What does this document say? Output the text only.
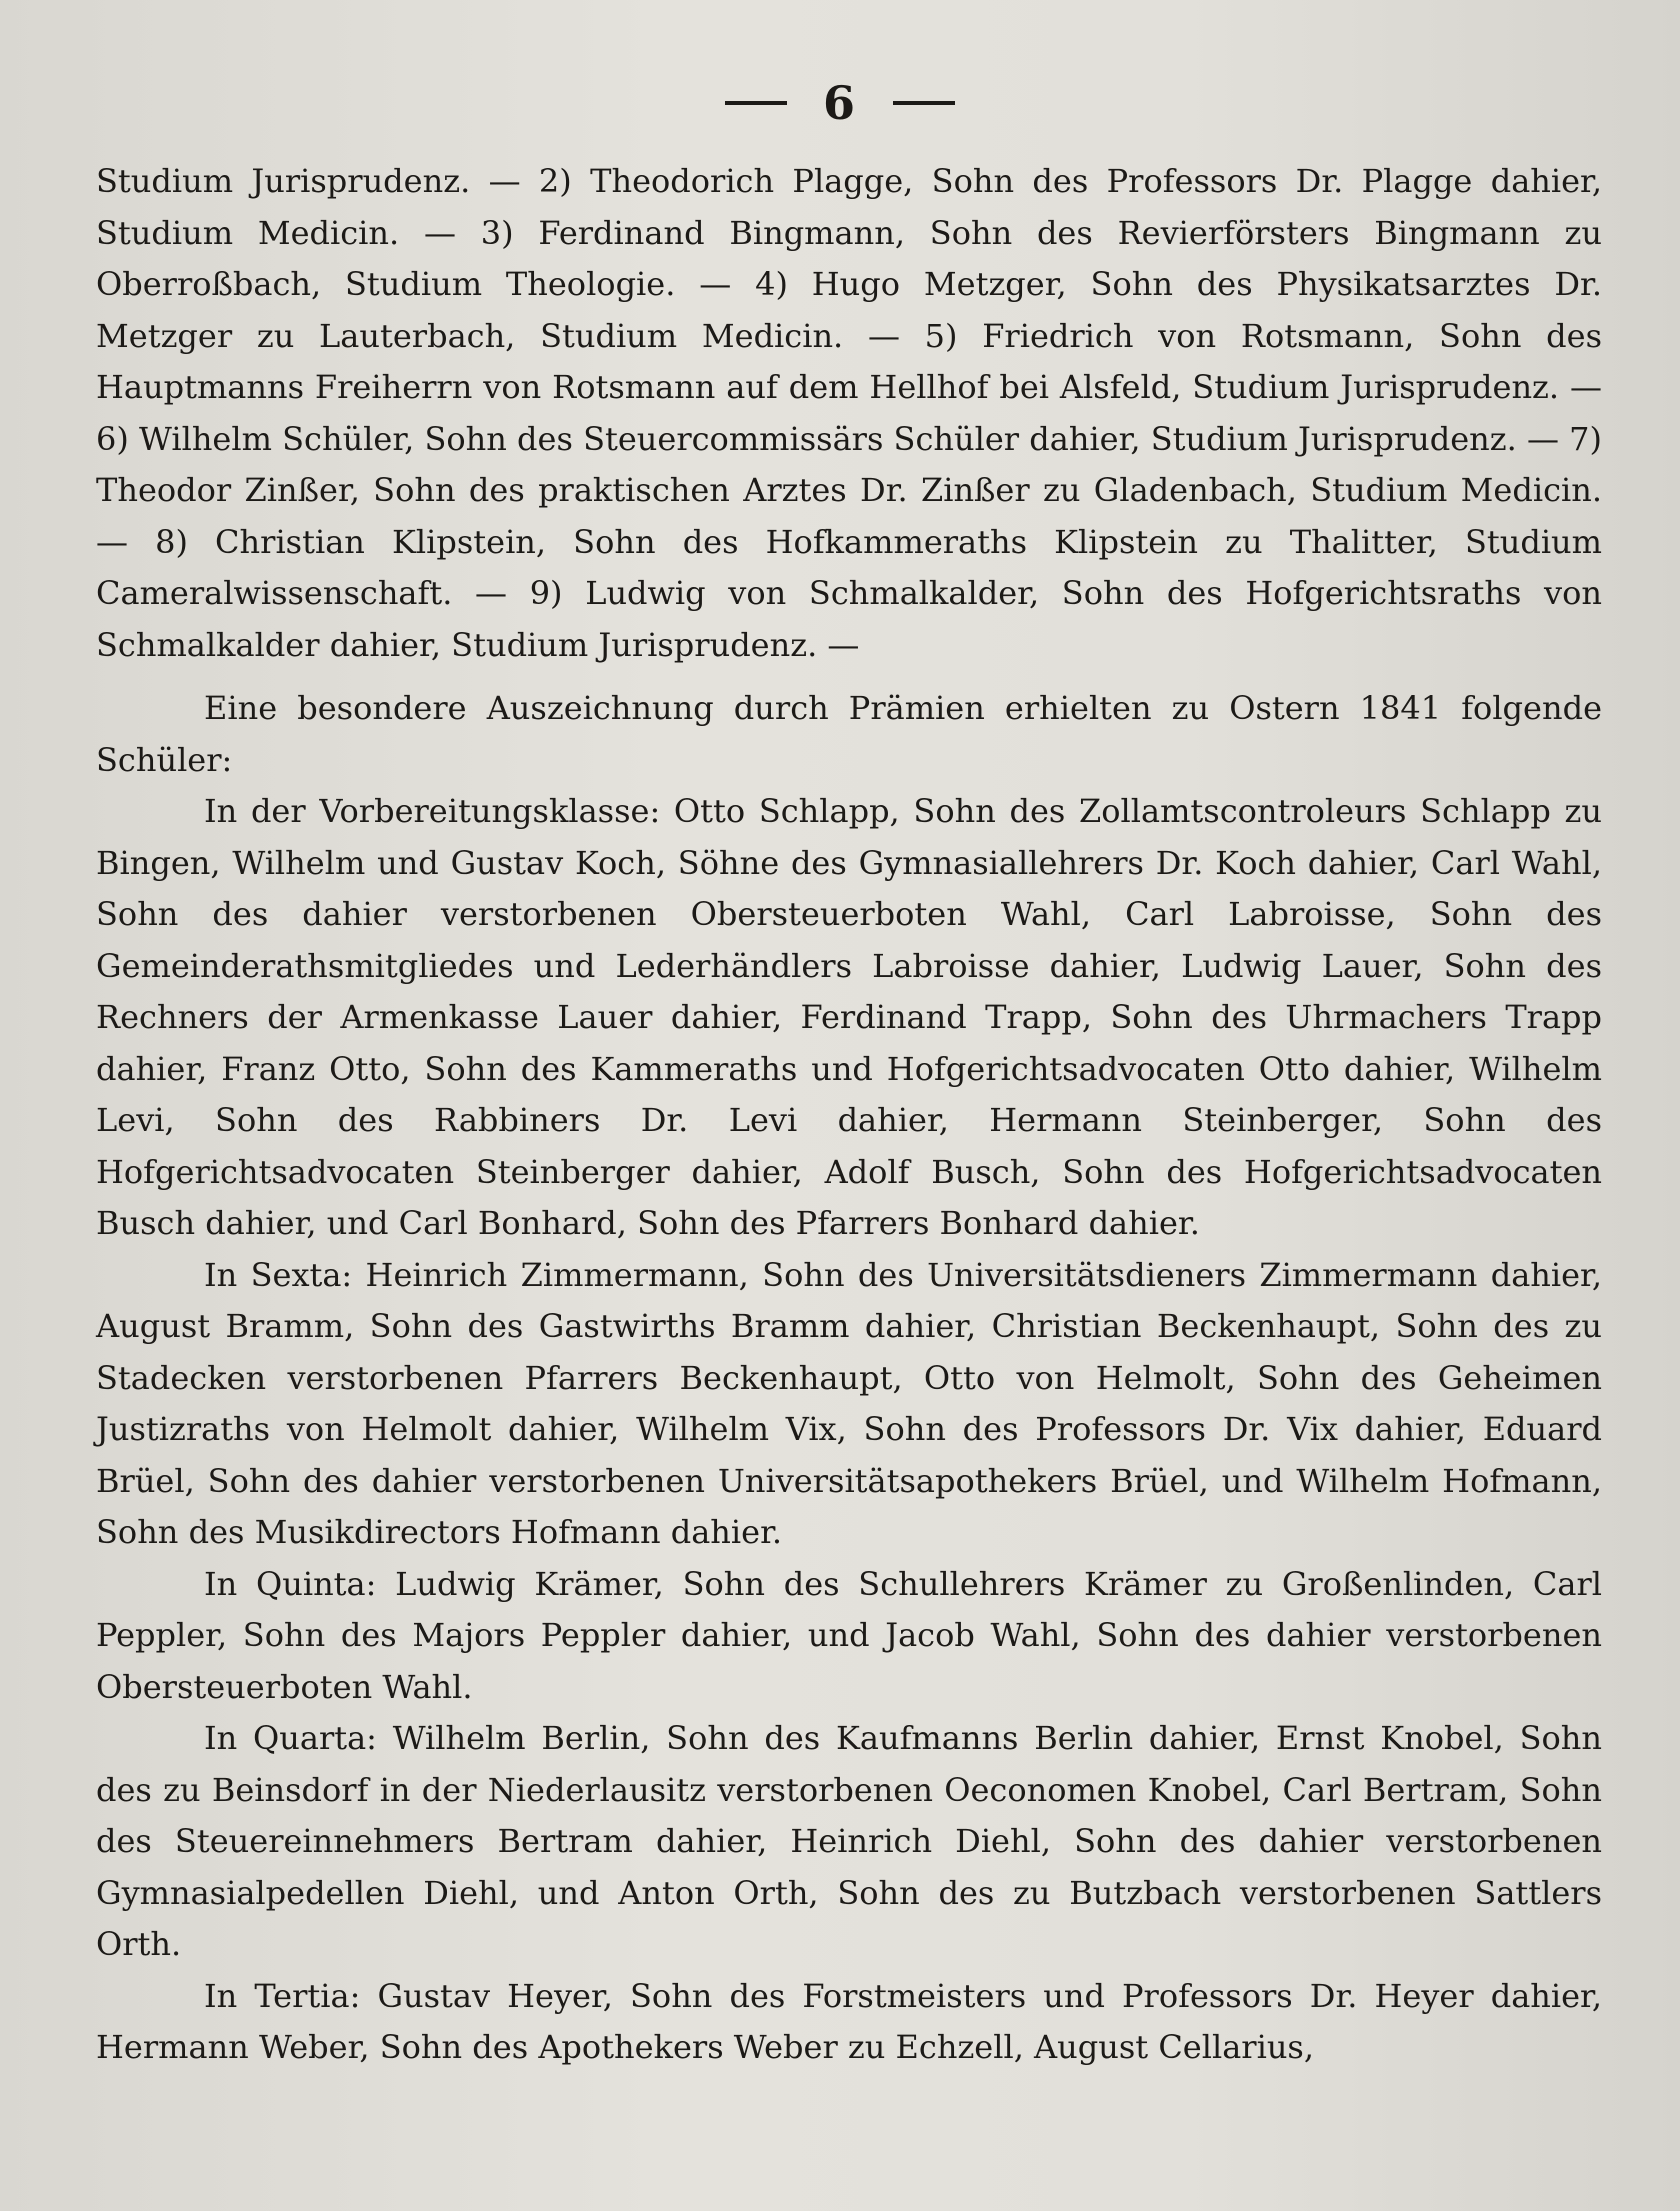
6

Studium Jurisprudenz. — 2) Theodorich Plagge, Sohn des Professors Dr. Plagge dahier, Studium Medicin. — 3) Ferdinand Bingmann, Sohn des Revierförsters Bingmann zu Oberroßbach, Studium Theologie. — 4) Hugo Metzger, Sohn des Physikatsarztes Dr. Metzger zu Lauterbach, Studium Medicin. — 5) Friedrich von Rotsmann, Sohn des Hauptmanns Freiherrn von Rotsmann auf dem Hellhof bei Alsfeld, Studium Jurisprudenz. — 6) Wilhelm Schüler, Sohn des Steuercommissärs Schüler dahier, Studium Jurisprudenz. — 7) Theodor Zinßer, Sohn des praktischen Arztes Dr. Zinßer zu Gladenbach, Studium Medicin. — 8) Christian Klipstein, Sohn des Hofkammeraths Klipstein zu Thalitter, Studium Cameralwissenschaft. — 9) Ludwig von Schmalkalder, Sohn des Hofgerichtsraths von Schmalkalder dahier, Studium Jurisprudenz. —

Eine besondere Auszeichnung durch Prämien erhielten zu Ostern 1841 folgende Schüler:

In der Vorbereitungsklasse: Otto Schlapp, Sohn des Zollamtscontroleurs Schlapp zu Bingen, Wilhelm und Gustav Koch, Söhne des Gymnasiallehrers Dr. Koch dahier, Carl Wahl, Sohn des dahier verstorbenen Obersteuerboten Wahl, Carl Labroisse, Sohn des Gemeinderathsmitgliedes und Lederhändlers Labroisse dahier, Ludwig Lauer, Sohn des Rechners der Armenkasse Lauer dahier, Ferdinand Trapp, Sohn des Uhrmachers Trapp dahier, Franz Otto, Sohn des Kammeraths und Hofgerichtsadvocaten Otto dahier, Wilhelm Levi, Sohn des Rabbiners Dr. Levi dahier, Hermann Steinberger, Sohn des Hofgerichtsadvocaten Steinberger dahier, Adolf Busch, Sohn des Hofgerichtsadvocaten Busch dahier, und Carl Bonhard, Sohn des Pfarrers Bonhard dahier.

In Sexta: Heinrich Zimmermann, Sohn des Universitätsdieners Zimmermann dahier, August Bramm, Sohn des Gastwirths Bramm dahier, Christian Beckenhaupt, Sohn des zu Stadecken verstorbenen Pfarrers Beckenhaupt, Otto von Helmolt, Sohn des Geheimen Justizraths von Helmolt dahier, Wilhelm Vix, Sohn des Professors Dr. Vix dahier, Eduard Brüel, Sohn des dahier verstorbenen Universitätsapothekers Brüel, und Wilhelm Hofmann, Sohn des Musikdirectors Hofmann dahier.

In Quinta: Ludwig Krämer, Sohn des Schullehrers Krämer zu Großenlinden, Carl Peppler, Sohn des Majors Peppler dahier, und Jacob Wahl, Sohn des dahier verstorbenen Obersteuerboten Wahl.

In Quarta: Wilhelm Berlin, Sohn des Kaufmanns Berlin dahier, Ernst Knobel, Sohn des zu Beinsdorf in der Niederlausitz verstorbenen Oeconomen Knobel, Carl Bertram, Sohn des Steuereinnehmers Bertram dahier, Heinrich Diehl, Sohn des dahier verstorbenen Gymnasialpedellen Diehl, und Anton Orth, Sohn des zu Butzbach verstorbenen Sattlers Orth.

In Tertia: Gustav Heyer, Sohn des Forstmeisters und Professors Dr. Heyer dahier, Hermann Weber, Sohn des Apothekers Weber zu Echzell, August Cellarius,
